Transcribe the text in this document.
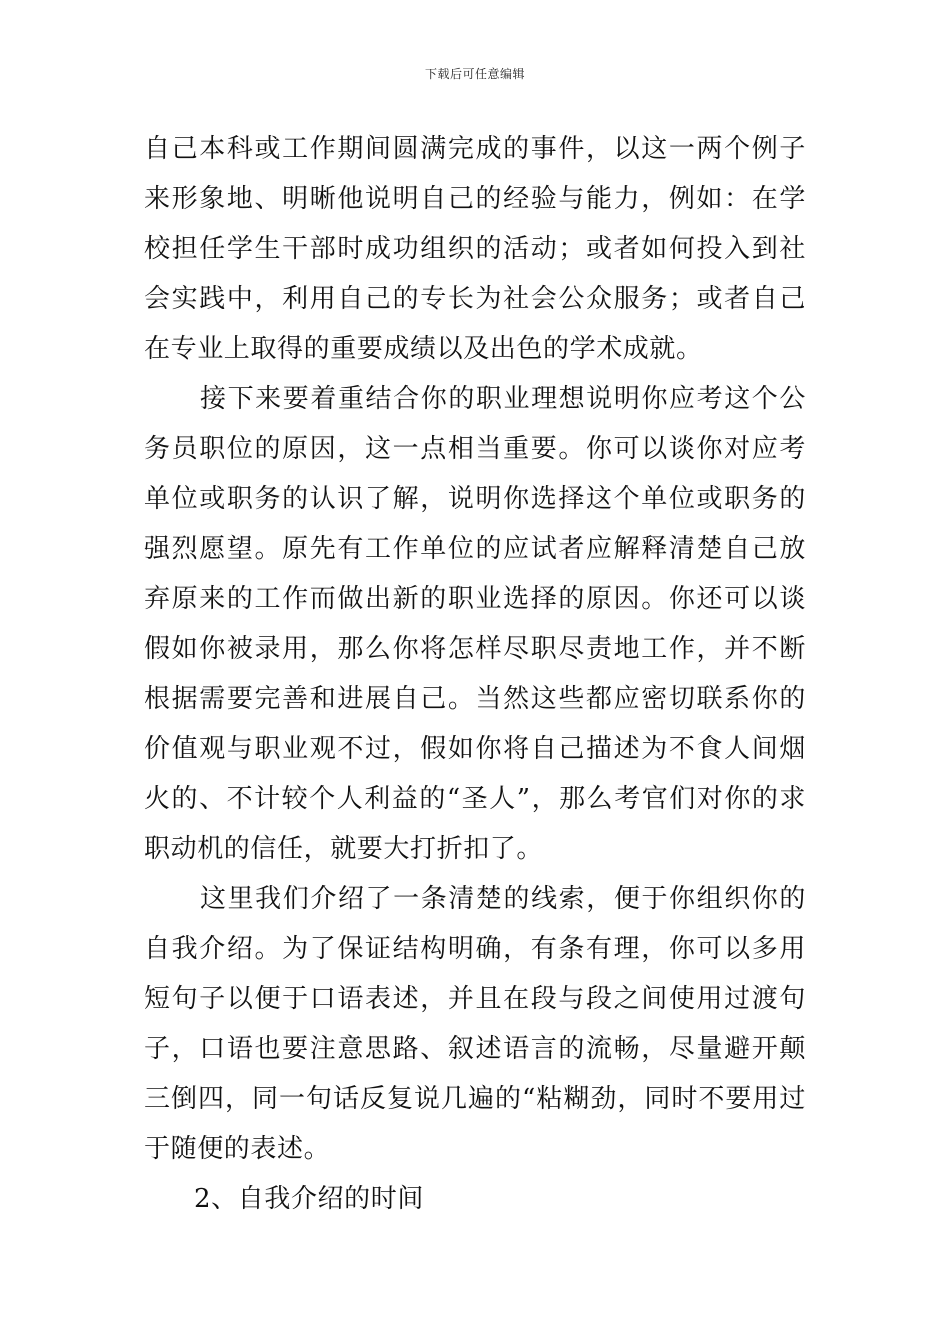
下载后可任意编辑

自己本科或工作期间圆满完成的事件，以这一两个例子来形象地、明晰他说明自己的经验与能力，例如：在学校担任学生干部时成功组织的活动；或者如何投入到社会实践中，利用自己的专长为社会公众服务；或者自己在专业上取得的重要成绩以及出色的学术成就。

接下来要着重结合你的职业理想说明你应考这个公务员职位的原因，这一点相当重要。你可以谈你对应考单位或职务的认识了解，说明你选择这个单位或职务的强烈愿望。原先有工作单位的应试者应解释清楚自己放弃原来的工作而做出新的职业选择的原因。你还可以谈假如你被录用，那么你将怎样尽职尽责地工作，并不断根据需要完善和进展自己。当然这些都应密切联系你的价值观与职业观不过，假如你将自己描述为不食人间烟火的、不计较个人利益的“圣人”，那么考官们对你的求职动机的信任，就要大打折扣了。

这里我们介绍了一条清楚的线索，便于你组织你的自我介绍。为了保证结构明确，有条有理，你可以多用短句子以便于口语表述，并且在段与段之间使用过渡句子，口语也要注意思路、叙述语言的流畅，尽量避开颠三倒四，同一句话反复说几遍的“粘糊劲，同时不要用过于随便的表述。

2、自我介绍的时间
